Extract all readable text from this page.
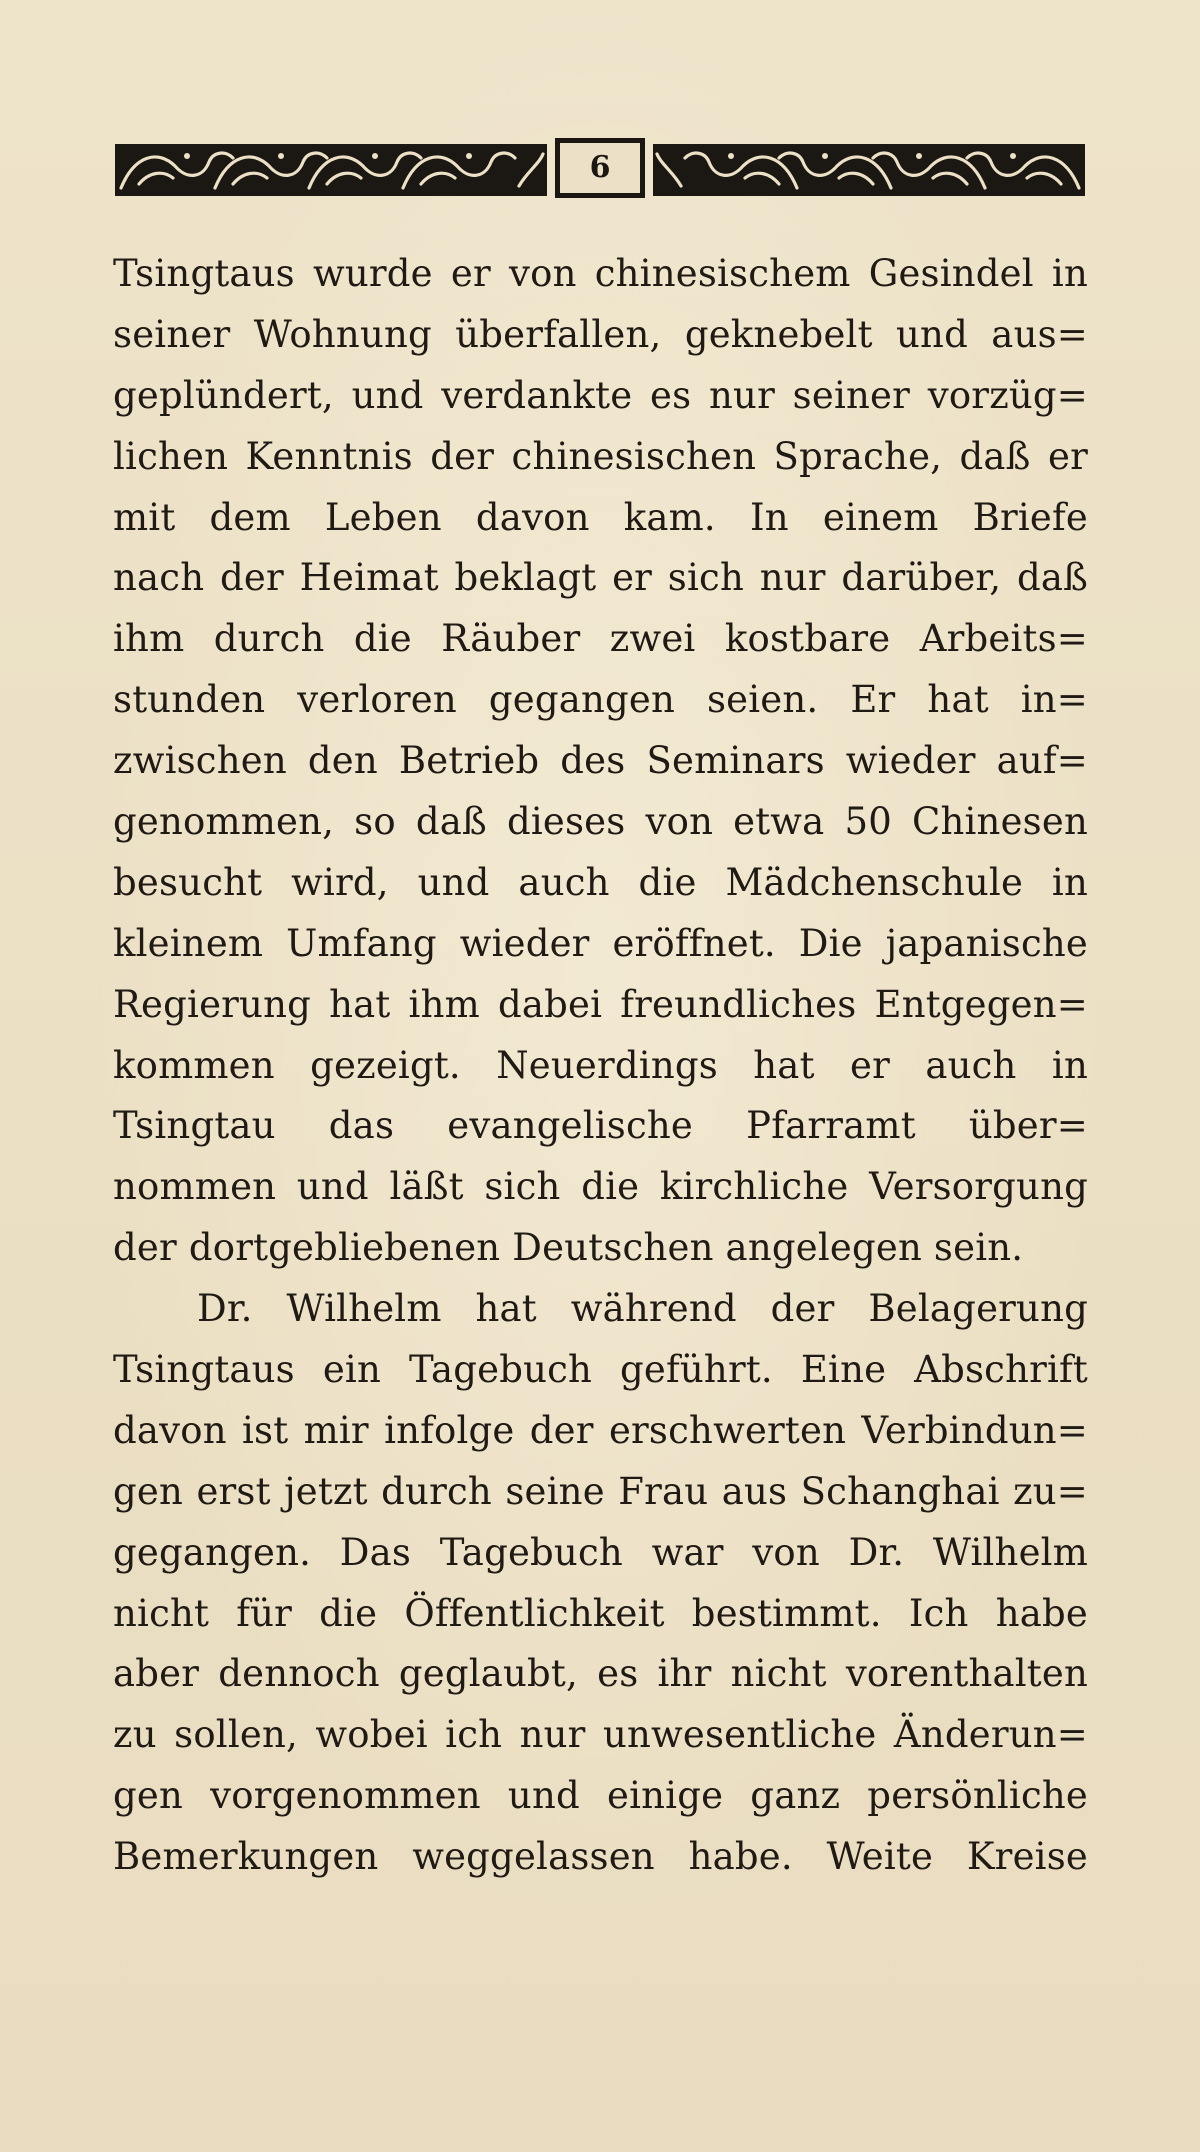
6
Tsingtaus wurde er von chinesischem Gesindel in
seiner Wohnung überfallen, geknebelt und aus=
geplündert, und verdankte es nur seiner vorzüg=
lichen Kenntnis der chinesischen Sprache, daß er
mit dem Leben davon kam. In einem Briefe
nach der Heimat beklagt er sich nur darüber, daß
ihm durch die Räuber zwei kostbare Arbeits=
stunden verloren gegangen seien. Er hat in=
zwischen den Betrieb des Seminars wieder auf=
genommen, so daß dieses von etwa 50 Chinesen
besucht wird, und auch die Mädchenschule in
kleinem Umfang wieder eröffnet. Die japanische
Regierung hat ihm dabei freundliches Entgegen=
kommen gezeigt. Neuerdings hat er auch in
Tsingtau das evangelische Pfarramt über=
nommen und läßt sich die kirchliche Versorgung
der dortgebliebenen Deutschen angelegen sein.
Dr. Wilhelm hat während der Belagerung
Tsingtaus ein Tagebuch geführt. Eine Abschrift
davon ist mir infolge der erschwerten Verbindun=
gen erst jetzt durch seine Frau aus Schanghai zu=
gegangen. Das Tagebuch war von Dr. Wilhelm
nicht für die Öffentlichkeit bestimmt. Ich habe
aber dennoch geglaubt, es ihr nicht vorenthalten
zu sollen, wobei ich nur unwesentliche Änderun=
gen vorgenommen und einige ganz persönliche
Bemerkungen weggelassen habe. Weite Kreise
